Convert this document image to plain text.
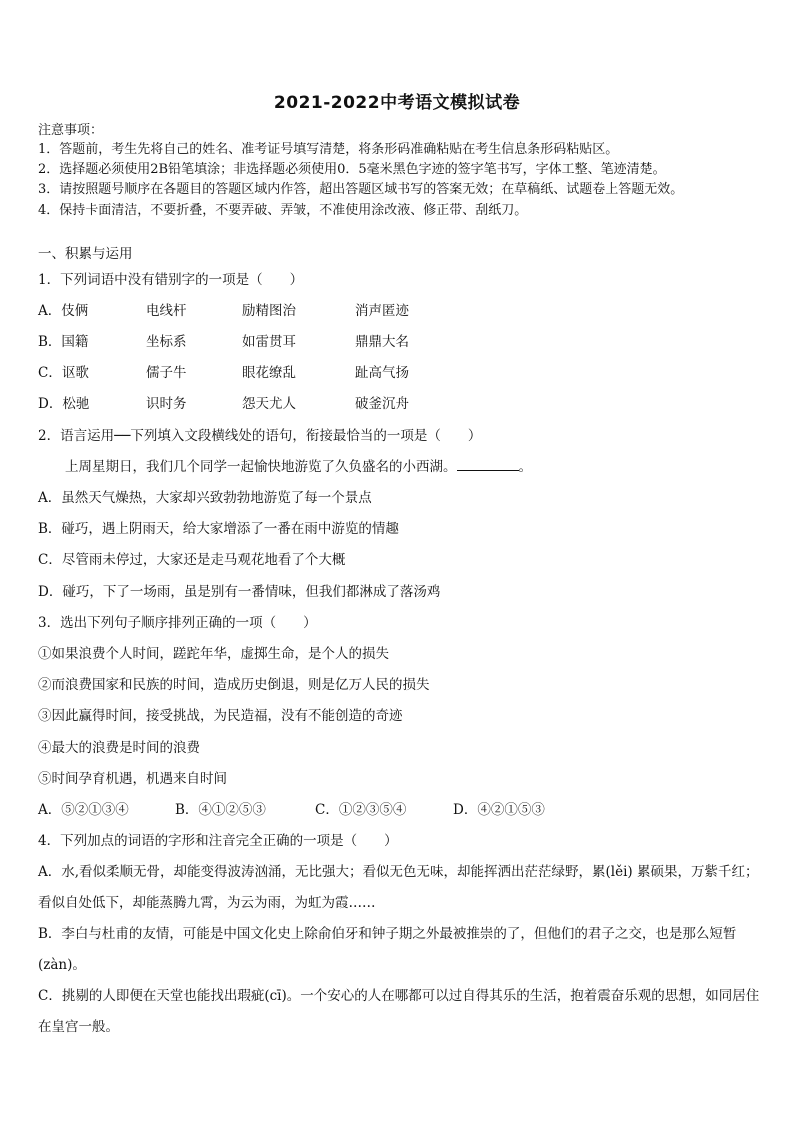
2021-2022中考语文模拟试卷
注意事项：
1．答题前，考生先将自己的姓名、准考证号填写清楚，将条形码准确粘贴在考生信息条形码粘贴区。
2．选择题必须使用2B铅笔填涂；非选择题必须使用0．5毫米黑色字迹的签字笔书写，字体工整、笔迹清楚。
3．请按照题号顺序在各题目的答题区域内作答，超出答题区域书写的答案无效；在草稿纸、试题卷上答题无效。
4．保持卡面清洁，不要折叠，不要弄破、弄皱，不准使用涂改液、修正带、刮纸刀。
一、积累与运用
1．下列词语中没有错别字的一项是（　　）
A．伎俩	电线杆	励精图治	消声匿迹
B．国籍	坐标系	如雷贯耳	鼎鼎大名
C．讴歌	儒子牛	眼花缭乱	趾高气扬
D．松驰	识时务	怨天尤人	破釜沉舟
2．语言运用──下列填入文段横线处的语句，衔接最恰当的一项是（　　）
上周星期日，我们几个同学一起愉快地游览了久负盛名的小西湖。	。
A．虽然天气燥热，大家却兴致勃勃地游览了每一个景点
B．碰巧，遇上阴雨天，给大家增添了一番在雨中游览的情趣
C．尽管雨未停过，大家还是走马观花地看了个大概
D．碰巧，下了一场雨，虽是别有一番情味，但我们都淋成了落汤鸡
3．选出下列句子顺序排列正确的一项（　　）
①如果浪费个人时间，蹉跎年华，虚掷生命，是个人的损失
②而浪费国家和民族的时间，造成历史倒退，则是亿万人民的损失
③因此赢得时间，接受挑战，为民造福，没有不能创造的奇迹
④最大的浪费是时间的浪费
⑤时间孕育机遇，机遇来自时间
A．⑤②①③④	B．④①②⑤③	C．①②③⑤④	D．④②①⑤③
4．下列加点的词语的字形和注音完全正确的一项是（　　）
A．水,看似柔顺无骨，却能变得波涛汹涌，无比强大；看似无色无味，却能挥洒出茫茫绿野，累(lěi) 累硕果，万紫千红；看似自处低下，却能蒸腾九霄，为云为雨，为虹为霞……
B．李白与杜甫的友情，可能是中国文化史上除俞伯牙和钟子期之外最被推崇的了，但他们的君子之交，也是那么短暂(zàn)。
C．挑剔的人即便在天堂也能找出瑕疵(cī)。一个安心的人在哪都可以过自得其乐的生活，抱着震奋乐观的思想，如同居住在皇宫一般。
